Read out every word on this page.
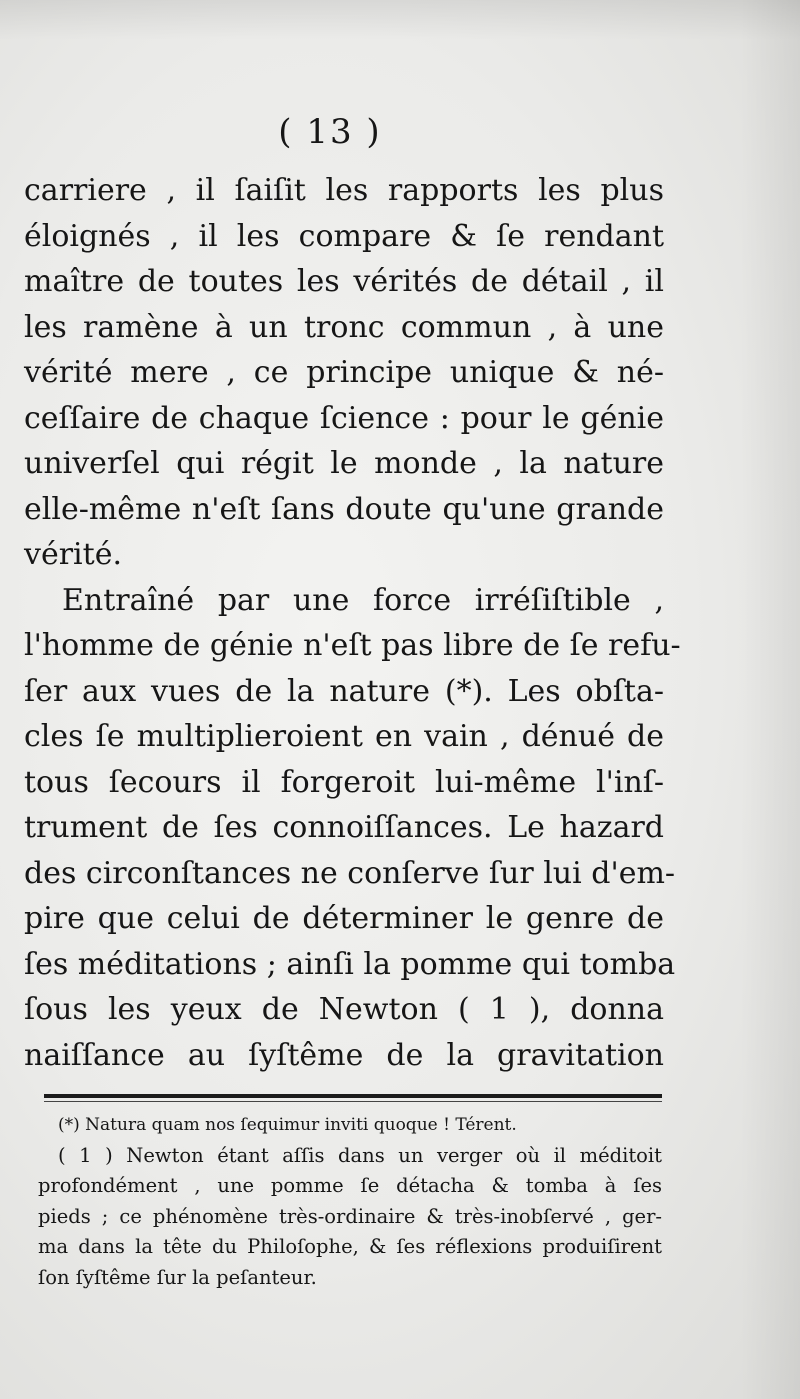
( 13 )
carriere , il ſaiſit les rapports les plus
éloignés , il les compare & ſe rendant
maître de toutes les vérités de détail , il
les ramène à un tronc commun , à une
vérité mere , ce principe unique & né-
ceſſaire de chaque ſcience : pour le génie
univerſel qui régit le monde , la nature
elle-même n'eſt ſans doute qu'une grande
vérité.
Entraîné par une force irréſiſtible ,
l'homme de génie n'eſt pas libre de ſe refu-
ſer aux vues de la nature (*). Les obſta-
cles ſe multiplieroient en vain , dénué de
tous ſecours il forgeroit lui-même l'inſ-
trument de ſes connoiſſances. Le hazard
des circonſtances ne conſerve ſur lui d'em-
pire que celui de déterminer le genre de
ſes méditations ; ainſi la pomme qui tomba
ſous les yeux de Newton ( 1 ), donna
naiſſance au ſyſtême de la gravitation
(*) Natura quam nos ſequimur inviti quoque ! Térent.
( 1 ) Newton étant aſſis dans un verger où il méditoit
profondément , une pomme ſe détacha & tomba à ſes
pieds ; ce phénomène très-ordinaire & très-inobſervé , ger-
ma dans la tête du Philoſophe, & ſes réflexions produiſirent
ſon ſyſtême ſur la peſanteur.
